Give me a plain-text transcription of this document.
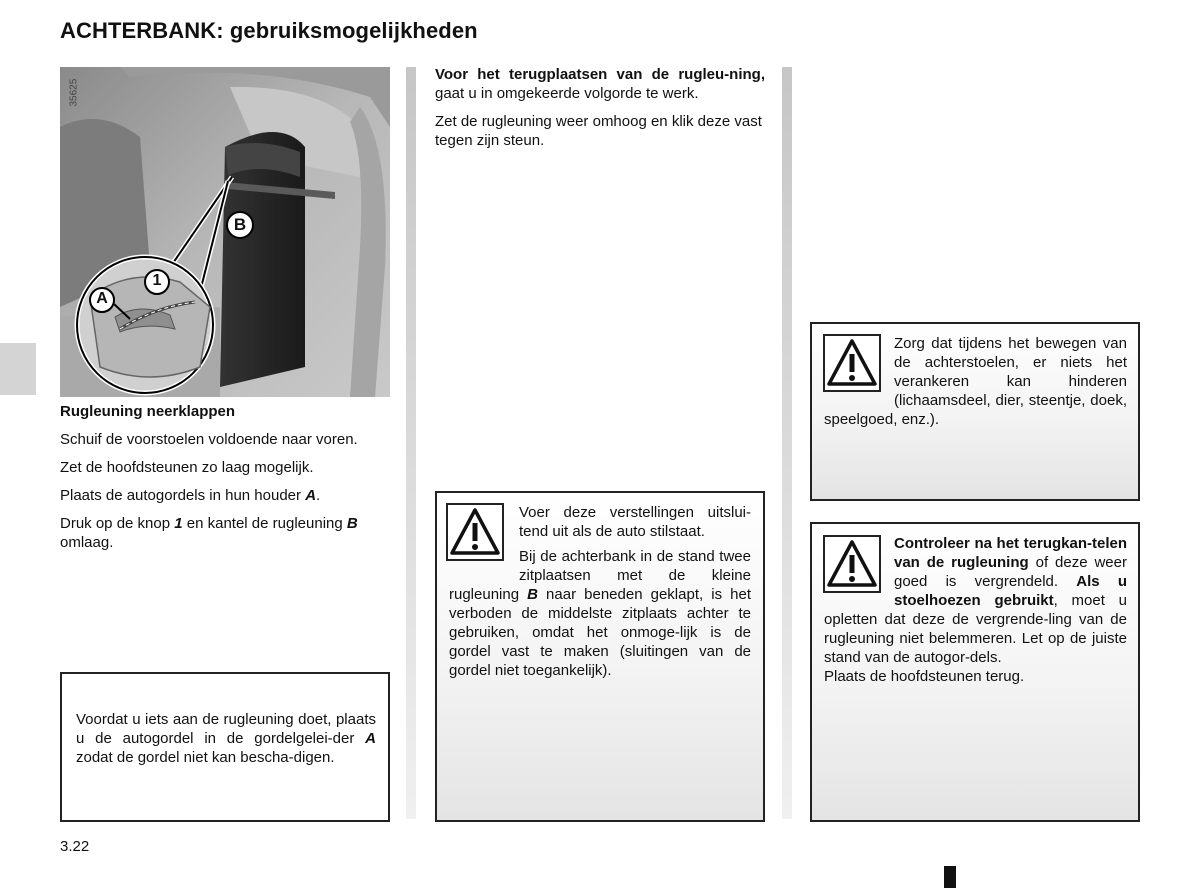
ACHTERBANK: gebruiksmogelijkheden
35625
B
1
A

Rugleuning neerklappen

Schuif de voorstoelen voldoende naar voren.

Zet de hoofdsteunen zo laag mogelijk.

Plaats de autogordels in hun houder A.

Druk op de knop 1 en kantel de rugleuning B omlaag.

Voordat u iets aan de rugleuning doet, plaats u de autogordel in de gordelgelei-der A zodat de gordel niet kan bescha-digen.

Voor het terugplaatsen van de rugleu-ning, gaat u in omgekeerde volgorde te werk.

Zet de rugleuning weer omhoog en klik deze vast tegen zijn steun.

Voer deze verstellingen uitslui-tend uit als de auto stilstaat.

Bij de achterbank in de stand twee zitplaatsen met de kleine rugleuning B naar beneden geklapt, is het verboden de middelste zitplaats achter te gebruiken, omdat het onmoge-lijk is de gordel vast te maken (sluitingen van de gordel niet toegankelijk).

Zorg dat tijdens het bewegen van de achterstoelen, er niets het verankeren kan hinderen (lichaamsdeel, dier, steentje, doek, speelgoed, enz.).
Controleer na het terugkan-telen van de rugleuning of deze weer goed is vergrendeld. Als u stoelhoezen gebruikt, moet u opletten dat deze de vergrende-ling van de rugleuning niet belemmeren. Let op de juiste stand van de autogor-dels.
Plaats de hoofdsteunen terug.
3.22
